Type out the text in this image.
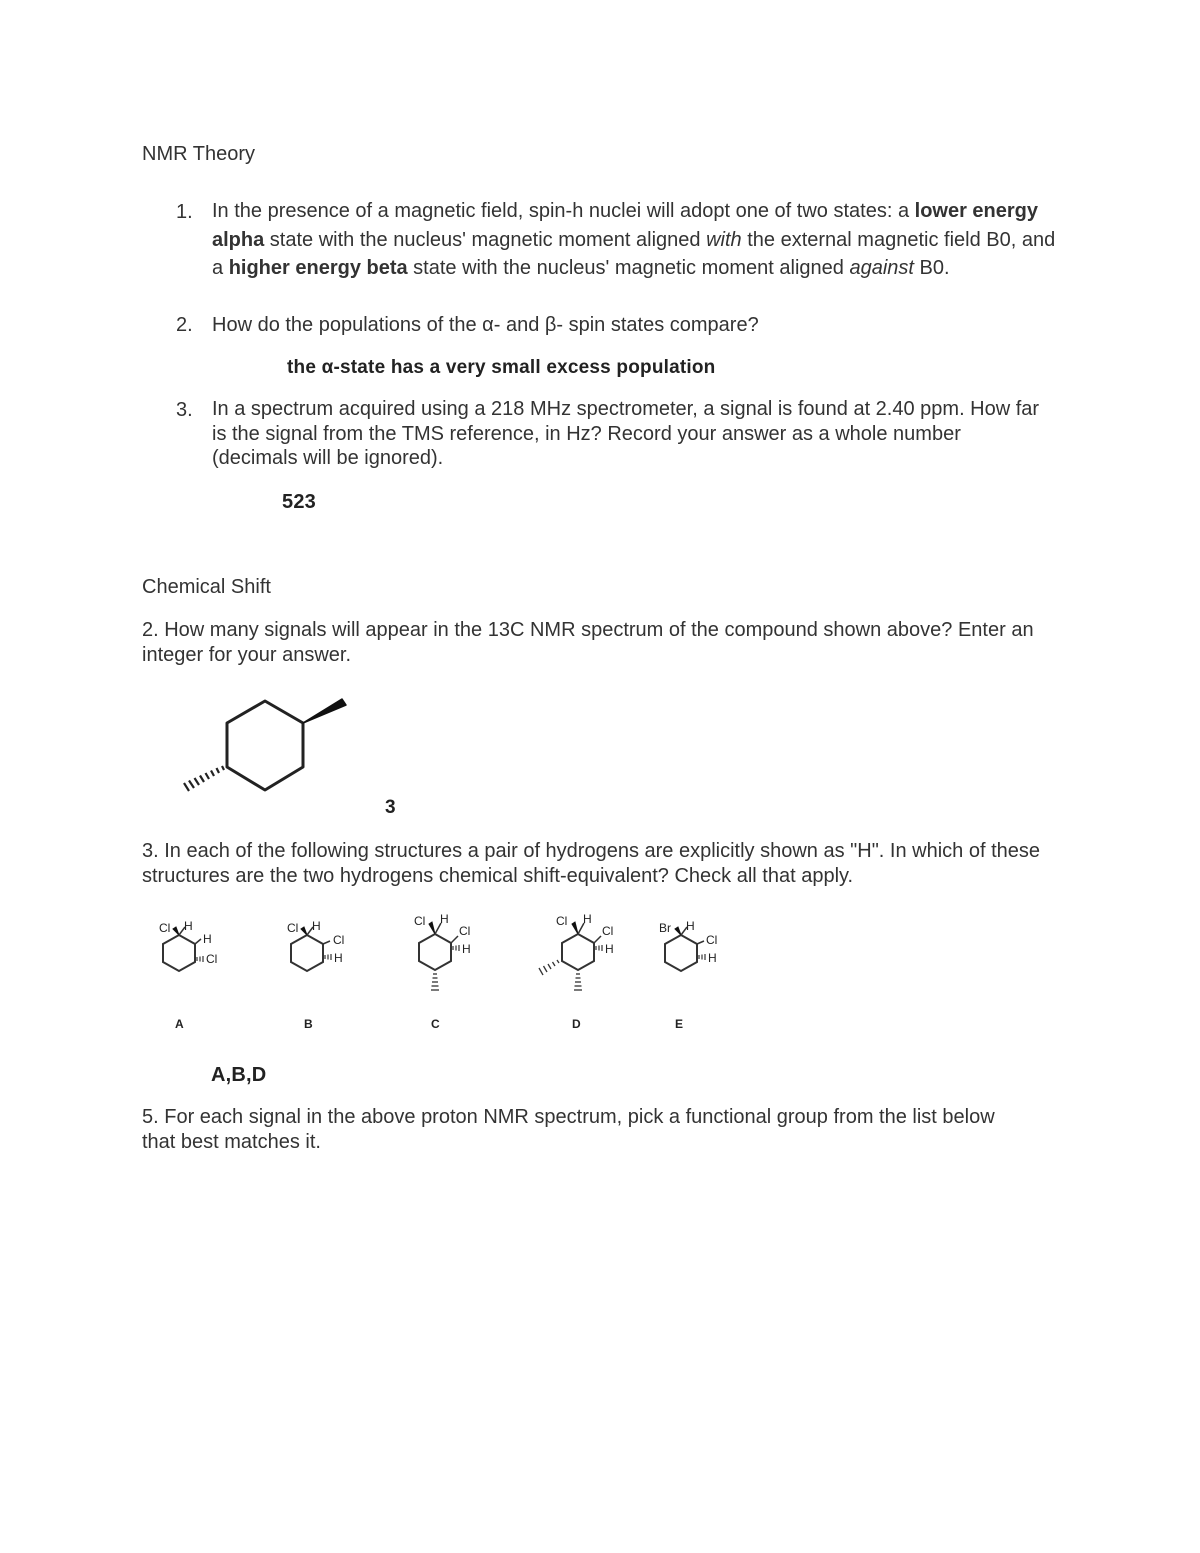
NMR Theory
1. In the presence of a magnetic field, spin-h nuclei will adopt one of two states: a lower energy alpha state with the nucleus' magnetic moment aligned with the external magnetic field B0, and a higher energy beta state with the nucleus' magnetic moment aligned against B0.
2. How do the populations of the α- and β- spin states compare?
the α-state has a very small excess population
3. In a spectrum acquired using a 218 MHz spectrometer, a signal is found at 2.40 ppm. How far is the signal from the TMS reference, in Hz? Record your answer as a whole number (decimals will be ignored).
523
Chemical Shift
2. How many signals will appear in the 13C NMR spectrum of the compound shown above? Enter an integer for your answer.
3
3. In each of the following structures a pair of hydrogens are explicitly shown as "H". In which of these structures are the two hydrogens chemical shift-equivalent? Check all that apply.
Cl H
H
Cl
A
Cl H
Cl
H
B
Cl H
Cl
H
C
Cl H
Cl
H
D
Br H
Cl
H
E
A,B,D
5. For each signal in the above proton NMR spectrum, pick a functional group from the list below that best matches it.
